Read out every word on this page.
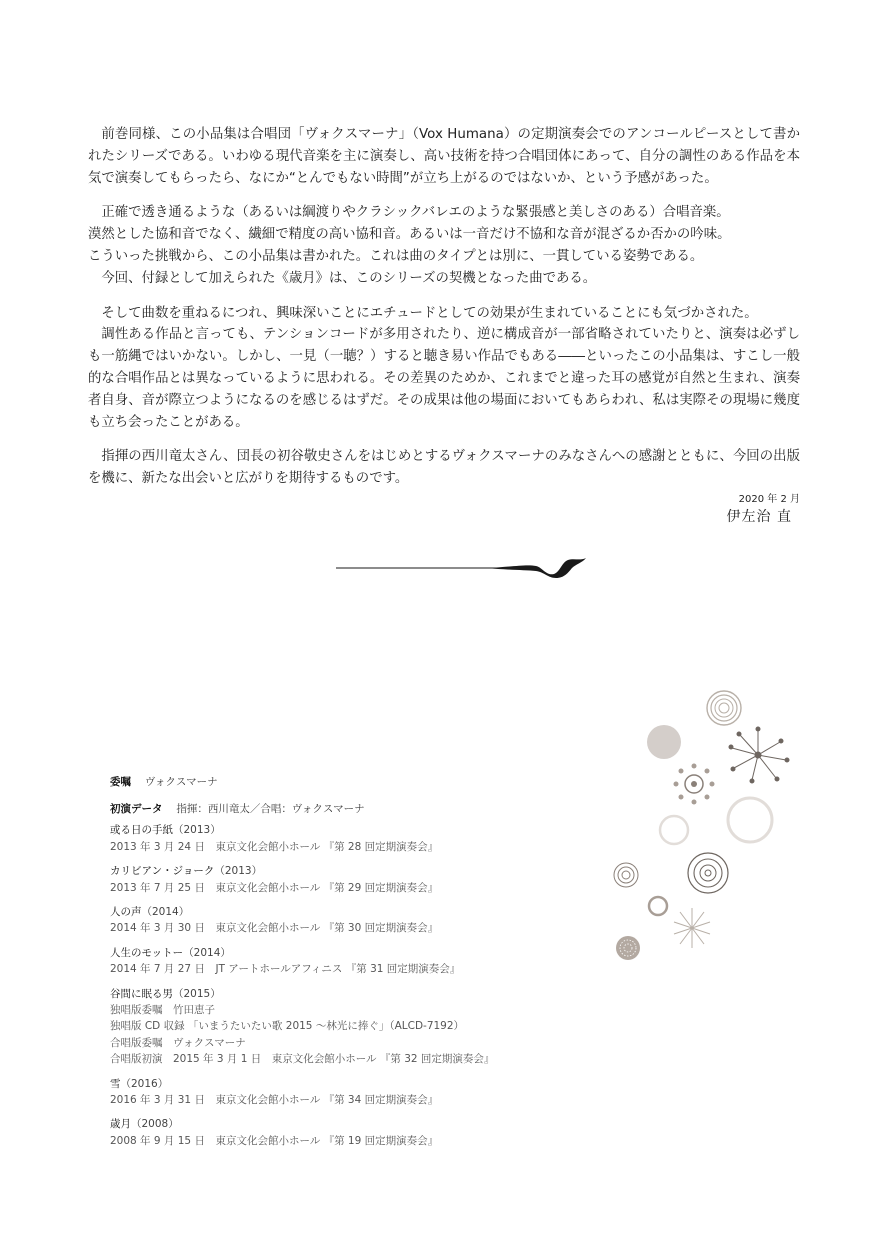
前巻同様、この小品集は合唱団「ヴォクスマーナ」（Vox Humana）の定期演奏会でのアンコールピースとして書かれたシリーズである。いわゆる現代音楽を主に演奏し、高い技術を持つ合唱団体にあって、自分の調性のある作品を本気で演奏してもらったら、なにか“とんでもない時間”が立ち上がるのではないか、という予感があった。

正確で透き通るような（あるいは綱渡りやクラシックバレエのような緊張感と美しさのある）合唱音楽。
漠然とした協和音でなく、繊細で精度の高い協和音。あるいは一音だけ不協和な音が混ざるか否かの吟味。
こういった挑戦から、この小品集は書かれた。これは曲のタイプとは別に、一貫している姿勢である。
今回、付録として加えられた《歳月》は、このシリーズの契機となった曲である。

そして曲数を重ねるにつれ、興味深いことにエチュードとしての効果が生まれていることにも気づかされた。
調性ある作品と言っても、テンションコードが多用されたり、逆に構成音が一部省略されていたりと、演奏は必ずしも一筋縄ではいかない。しかし、一見（一聴？）すると聴き易い作品でもある――といったこの小品集は、すこし一般的な合唱作品とは異なっているように思われる。その差異のためか、これまでと違った耳の感覚が自然と生まれ、演奏者自身、音が際立つようになるのを感じるはずだ。その成果は他の場面においてもあらわれ、私は実際その現場に幾度も立ち会ったことがある。

指揮の西川竜太さん、団長の初谷敬史さんをはじめとするヴォクスマーナのみなさんへの感謝とともに、今回の出版を機に、新たな出会いと広がりを期待するものです。

2020 年 2 月
伊左治 直
委嘱　 ヴォクスマーナ
初演データ　 指揮：西川竜太／合唱：ヴォクスマーナ
或る日の手紙（2013）
2013 年 3 月 24 日　東京文化会館小ホール 『第 28 回定期演奏会』
カリビアン・ジョーク（2013）
2013 年 7 月 25 日　東京文化会館小ホール 『第 29 回定期演奏会』
人の声（2014）
2014 年 3 月 30 日　東京文化会館小ホール 『第 30 回定期演奏会』
人生のモットー（2014）
2014 年 7 月 27 日　JT アートホールアフィニス 『第 31 回定期演奏会』
谷間に眠る男（2015）
独唱版委嘱　竹田恵子
独唱版 CD 収録 「いまうたいたい歌 2015 〜林光に捧ぐ」（ALCD-7192）
合唱版委嘱　ヴォクスマーナ
合唱版初演　2015 年 3 月 1 日　東京文化会館小ホール 『第 32 回定期演奏会』
雪（2016）
2016 年 3 月 31 日　東京文化会館小ホール 『第 34 回定期演奏会』
歳月（2008）
2008 年 9 月 15 日　東京文化会館小ホール 『第 19 回定期演奏会』
